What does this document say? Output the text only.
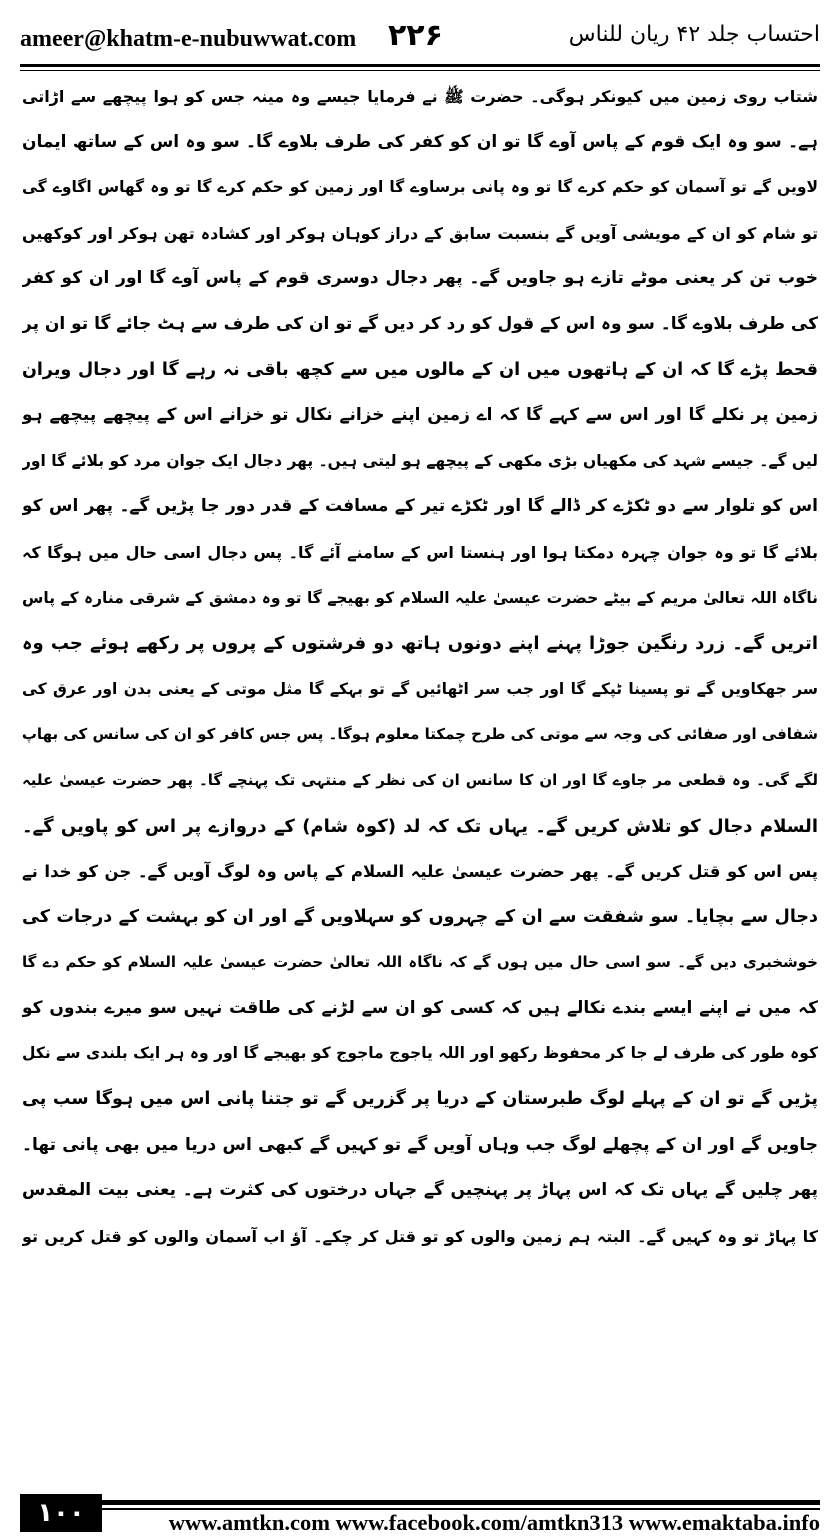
ameer@khatm-e-nubuwwat.com ۲۲۶	احتساب جلد ۴۲ ریان للناس
شتاب روی زمین میں کیونکر ہوگی۔ حضرت ﷺ نے فرمایا جیسے وہ مینہ جس کو ہوا پیچھے سے اڑاتی
ہے۔ سو وہ ایک قوم کے پاس آوے گا تو ان کو کفر کی طرف بلاوے گا۔ سو وہ اس کے ساتھ ایمان
لاویں گے تو آسمان کو حکم کرے گا تو وہ پانی برساوے گا اور زمین کو حکم کرے گا تو وہ گھاس اگاوے گی
تو شام کو ان کے مویشی آویں گے بنسبت سابق کے دراز کوہان ہوکر اور کشادہ تھن ہوکر اور کوکھیں
خوب تن کر یعنی موٹے تازے ہو جاویں گے۔ پھر دجال دوسری قوم کے پاس آوے گا اور ان کو کفر
کی طرف بلاوے گا۔ سو وہ اس کے قول کو رد کر دیں گے تو ان کی طرف سے ہٹ جائے گا تو ان پر
قحط پڑے گا کہ ان کے ہاتھوں میں ان کے مالوں میں سے کچھ باقی نہ رہے گا اور دجال ویران
زمین پر نکلے گا اور اس سے کہے گا کہ اے زمین اپنے خزانے نکال تو خزانے اس کے پیچھے پیچھے ہو
لیں گے۔ جیسے شہد کی مکھیاں بڑی مکھی کے پیچھے ہو لیتی ہیں۔ پھر دجال ایک جوان مرد کو بلائے گا اور
اس کو تلوار سے دو ٹکڑے کر ڈالے گا اور ٹکڑے تیر کے مسافت کے قدر دور جا پڑیں گے۔ پھر اس کو
بلائے گا تو وہ جوان چہرہ دمکتا ہوا اور ہنستا اس کے سامنے آئے گا۔ پس دجال اسی حال میں ہوگا کہ
ناگاہ اللہ تعالیٰ مریم کے بیٹے حضرت عیسیٰ علیہ السلام کو بھیجے گا تو وہ دمشق کے شرقی منارہ کے پاس
اتریں گے۔ زرد رنگین جوڑا پہنے اپنے دونوں ہاتھ دو فرشتوں کے پروں پر رکھے ہوئے جب وہ
سر جھکاویں گے تو پسینا ٹپکے گا اور جب سر اٹھائیں گے تو بہکے گا مثل موتی کے یعنی بدن اور عرق کی
شفافی اور صفائی کی وجہ سے موتی کی طرح چمکتا معلوم ہوگا۔ پس جس کافر کو ان کی سانس کی بھاپ
لگے گی۔ وہ قطعی مر جاوے گا اور ان کا سانس ان کی نظر کے منتہی تک پہنچے گا۔ پھر حضرت عیسیٰ علیہ
السلام دجال کو تلاش کریں گے۔ یہاں تک کہ لد (کوہ شام) کے دروازے پر اس کو پاویں گے۔
پس اس کو قتل کریں گے۔ پھر حضرت عیسیٰ علیہ السلام کے پاس وہ لوگ آویں گے۔ جن کو خدا نے
دجال سے بچایا۔ سو شفقت سے ان کے چہروں کو سہلاویں گے اور ان کو بہشت کے درجات کی
خوشخبری دیں گے۔ سو اسی حال میں ہوں گے کہ ناگاہ اللہ تعالیٰ حضرت عیسیٰ علیہ السلام کو حکم دے گا
کہ میں نے اپنے ایسے بندے نکالے ہیں کہ کسی کو ان سے لڑنے کی طاقت نہیں سو میرے بندوں کو
کوہ طور کی طرف لے جا کر محفوظ رکھو اور اللہ یاجوج ماجوج کو بھیجے گا اور وہ ہر ایک بلندی سے نکل
پڑیں گے تو ان کے پہلے لوگ طبرستان کے دریا پر گزریں گے تو جتنا پانی اس میں ہوگا سب پی
جاویں گے اور ان کے پچھلے لوگ جب وہاں آویں گے تو کہیں گے کبھی اس دریا میں بھی پانی تھا۔
پھر چلیں گے یہاں تک کہ اس پہاڑ پر پہنچیں گے جہاں درختوں کی کثرت ہے۔ یعنی بیت المقدس
کا پہاڑ تو وہ کہیں گے۔ البتہ ہم زمین والوں کو تو قتل کر چکے۔ آؤ اب آسمان والوں کو قتل کریں تو
۱۰۰	www.amtkn.com www.facebook.com/amtkn313 www.emaktaba.info
